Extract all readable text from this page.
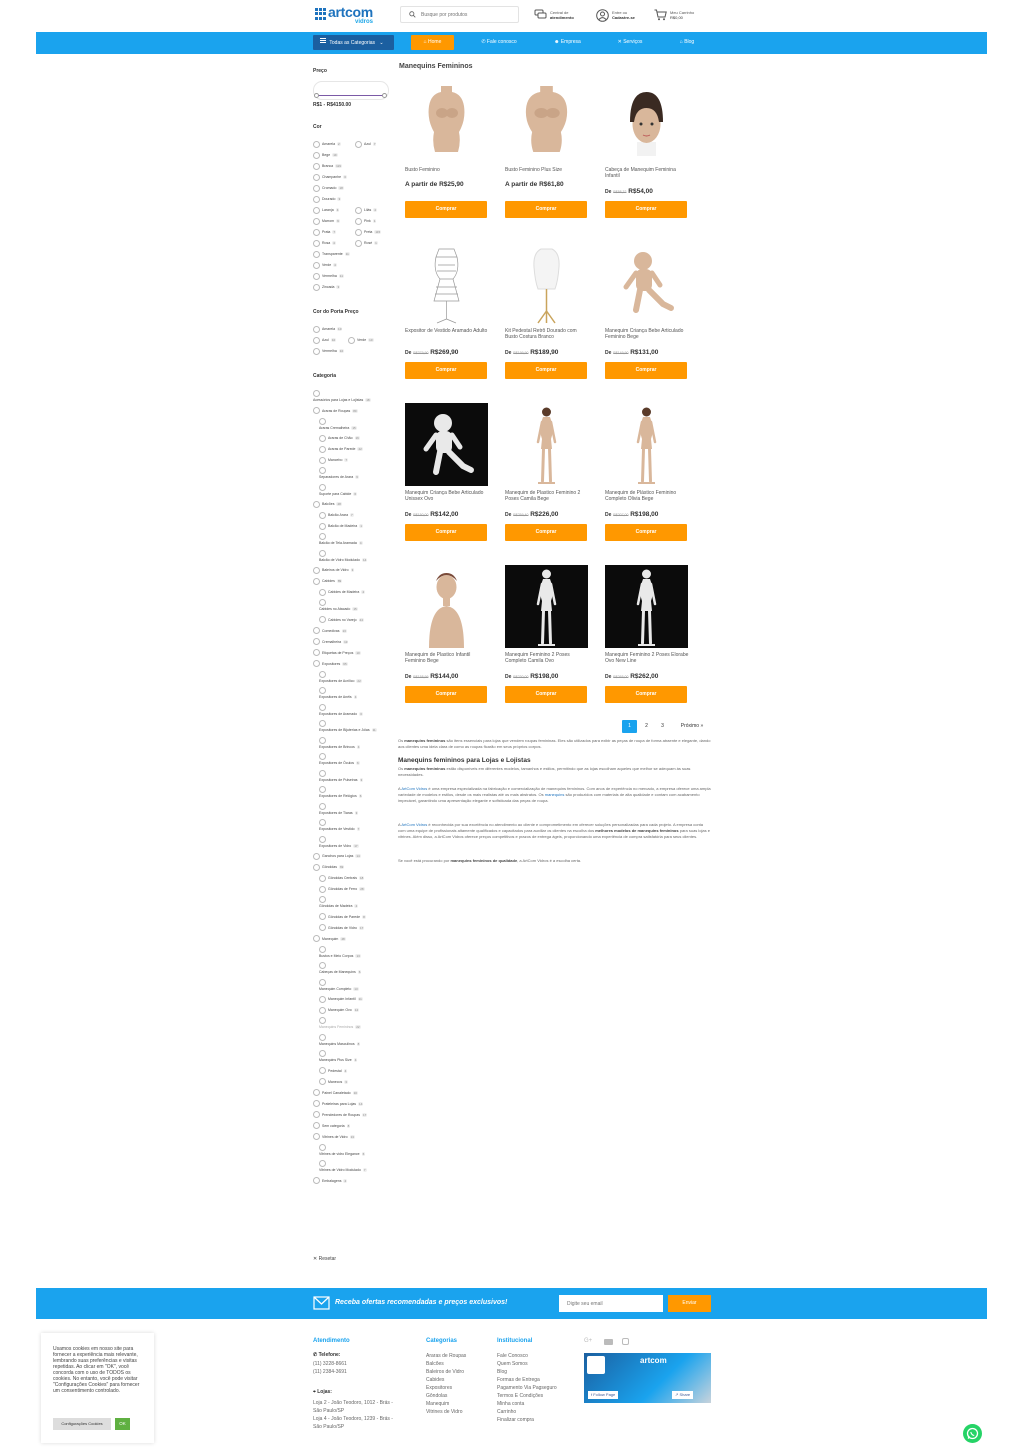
artcom
vidros
Busque por produtos
Central de
atendimento
Entre ou
Cadastre-se
Meu Carrinho
R$0,00
Todas as Categorias ⌄	⌂ Home	✆ Fale conosco	☻ Empresa	✕ Serviços	⌂ Blog
Preço
R$1 - R$4150.00
Cor
Amarela 2	Azul 7
Bege 19
Branca 119
Champanhe 3
Cromado 18
Dourado 3
Laranja 4	Lilás 4
Marrom 9	Pink 1
Prata 7	Preta 115
Rosa 4	Rosé 1
Transparente 11
Verde 4
Vermelha 11
Zincada 3
Cor do Porta Preço
Amarela 10
Azul 10	Verde 10
Vermelha 10
Categoria
Acessórios para Lojas e Lojistas 18
Araras de Roupas 80
Araras Cremalheira 15
Araras de Chão 16
Araras de Parede 22
Mancebo 7
Separadores de Arara 6
Suporte para Cabide 6
Balcões 28
Balcão Arara 7
Balcão de Madeira 1
Balcão de Tela Aramada 4
Balcão de Vidro Modulado 14
Baleiros de Vidro 3
Cabides 89
Cabides de Madeira 4
Cabides no Atacado 15
Cabides no Varejo 44
Comedivas 13
Cremalheira 13
Etiquetas de Preços 10
Expositores 65
Expositores de Acrílico 22
Expositores de Anéis 4
Expositores de Aramado 3
Expositores de Bijuterias e Jóias 11
Expositores de Brincos 4
Expositores de Óculos 6
Expositores de Pulseiras 3
Expositores de Relógios 6
Expositores de Tiaras 3
Expositores de Vestido 7
Expositores de Vidro 17
Ganchos para Lojas 14
Gôndolas 69
Gôndolas Centrais 18
Gôndolas de Ferro 28
Gôndolas de Madeira 4
Gôndolas de Parede 8
Gôndolas de Vidro 17
Manequim 48
Bustos e Meio Corpos 13
Cabeças de Manequins 6
Manequim Completo 13
Manequim Infantil 11
Manequim Ovo 14
Manequins Femininos 22
Manequins Masculinos 8
Manequins Plus Size 4
Pedestal 4
Manecos 3
Painel Canaletado 10
Prateleiras para Lojas 14
Prendedores de Roupas 17
Sem categoria 8
Vitrines de Vidro 13
Vitrines de vidro Elegance 6
Vitrines de Vidro Modulado 7
Embalagens 2
✕ Resetar
Manequins Femininos
Busto Feminino
A partir de R$25,90
Comprar
Busto Feminino Plus Size
A partir de R$61,80
Comprar
Cabeça de Manequim Feminina Infantil
De R$58,32 R$54,00
Comprar
Expositor de Vestido Aramado Adulto
De R$379,90 R$269,90
Comprar
Kit Pedestal Retrô Dourado com Busto Costura Branco
De R$199,90 R$189,90
Comprar
Manequim Criança Bebe Articulado Feminino Bege
De R$149,90 R$131,00
Comprar
Manequim Criança Bebe Articulado Unissex Ovo
De R$150,00 R$142,00
Comprar
Manequim de Plastico Feminino 2 Poses Camila Bege
De R$259,40 R$226,00
Comprar
Manequim de Plástico Feminino Completo Olivia Bege
De R$207,00 R$198,00
Comprar
Manequim de Plastico Infantil Feminino Bege
De R$158,99 R$144,00
Comprar
Manequim Feminino 2 Poses Completo Camila Ovo
De R$230,00 R$198,00
Comprar
Manequim Feminino 2 Poses Elorabe Ovo New Line
De R$265,00 R$262,00
Comprar
1	2	3	Próximo »
Os manequins femininos são itens essenciais para lojas que vendem roupas femininas. Eles são utilizados para exibir as peças de roupa de forma atraente e elegante, dando aos clientes uma ideia clara de como as roupas ficarão em seus próprios corpos.
Manequins femininos para Lojas e Lojistas
Os manequins femininos estão disponíveis em diferentes modelos, tamanhos e estilos, permitindo que as lojas escolham aqueles que melhor se adequam às suas necessidades.
A ArtCom Vidros é uma empresa especializada na fabricação e comercialização de manequins femininos. Com anos de experiência no mercado, a empresa oferece uma ampla variedade de modelos e estilos, desde os mais realistas até os mais abstratos. Os manequins são produzidos com materiais de alta qualidade e contam com acabamento impecável, garantindo uma apresentação elegante e sofisticada das peças de roupa.
A ArtCom Vidros é reconhecida por sua excelência no atendimento ao cliente e comprometimento em oferecer soluções personalizadas para cada projeto. A empresa conta com uma equipe de profissionais altamente qualificados e capacitados para auxiliar os clientes na escolha dos melhores modelos de manequins femininos para suas lojas e vitrines. Além disso, a ArtCom Vidros oferece preços competitivos e prazos de entrega ágeis, proporcionando uma experiência de compra satisfatória para seus clientes.
Se você está procurando por manequins femininos de qualidade, a ArtCom Vidros é a escolha certa.
Receba ofertas recomendadas e preços exclusivos!
Digite seu email	Enviar
Atendimento
✆ Telefone:
(11) 3228-8661
(11) 2384-3691
⌖ Lojas:
Loja 2 - João Teodoro, 1012 - Brás - São Paulo/SP
Loja 4 - João Teodoro, 1239 - Brás - São Paulo/SP
Categorias
Araras de Roupas
Balcões
Baleiros de Vidro
Cabides
Expositores
Gôndolas
Manequim
Vitrines de Vidro
Institucional
Fale Conosco
Quem Somos
Blog
Formas de Entrega
Pagamento Via Pagseguro
Termos E Condições
Minha conta
Carrinho
Finalizar compra
G+
artcom
f Follow Page	↗ Share
Usamos cookies em nosso site para fornecer a experiência mais relevante, lembrando suas preferências e visitas repetidas. Ao clicar em "OK", você concorda com o uso de TODOS os cookies. No entanto, você pode visitar "Configurações Cookies" para fornecer um consentimento controlado.
Configurações Cookies	OK
